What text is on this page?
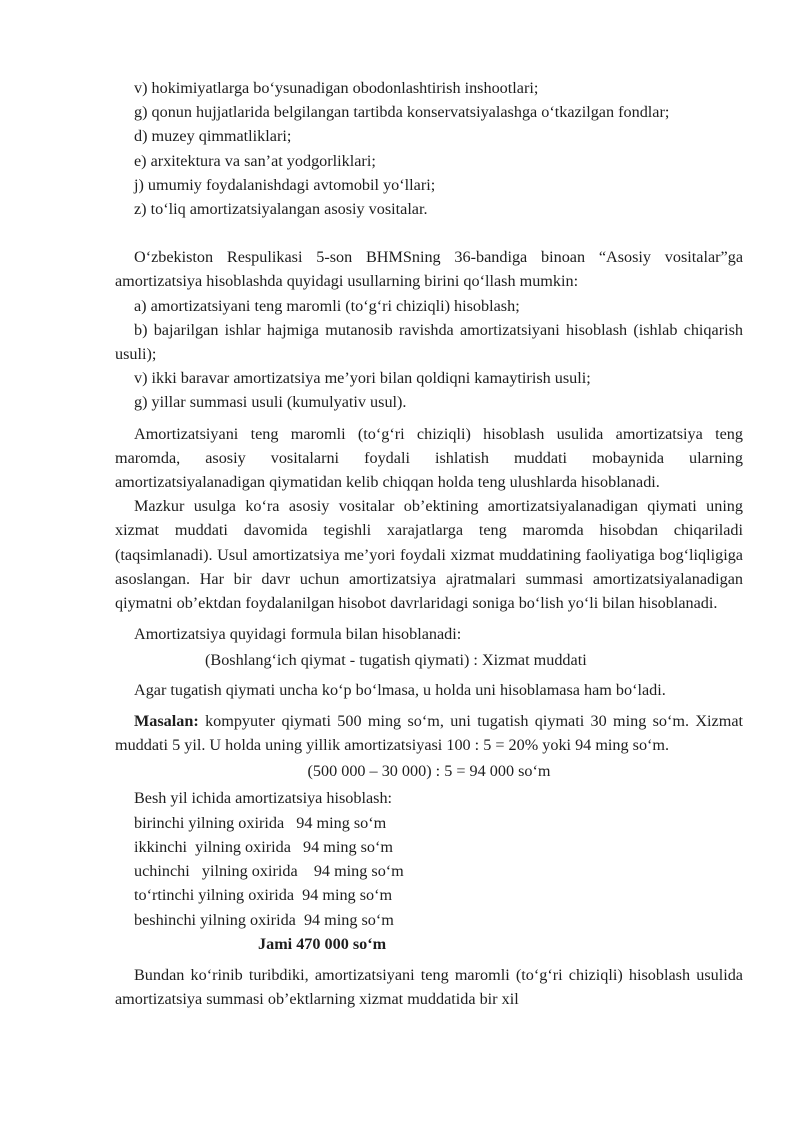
v) hokimiyatlarga bo‘ysunadigan obodonlashtirish inshootlari;

g) qonun hujjatlarida belgilangan tartibda konservatsiyalashga o‘tkazilgan fondlar;

d) muzey qimmatliklari;

e) arxitektura va san’at yodgorliklari;

j) umumiy foydalanishdagi avtomobil yo‘llari;

z) to‘liq amortizatsiyalangan asosiy vositalar.

O‘zbekiston Respulikasi 5-son BHMSning 36-bandiga binoan “Asosiy vositalar”ga amortizatsiya hisoblashda quyidagi usullarning birini qo‘llash mumkin:

a) amortizatsiyani teng maromli (to‘g‘ri chiziqli) hisoblash;

b) bajarilgan ishlar hajmiga mutanosib ravishda amortizatsiyani hisoblash (ishlab chiqarish usuli);

v) ikki baravar amortizatsiya me’yori bilan qoldiqni kamaytirish usuli;

g) yillar summasi usuli (kumulyativ usul).

Amortizatsiyani teng maromli (to‘g‘ri chiziqli) hisoblash usulida amortizatsiya teng maromda, asosiy vositalarni foydali ishlatish muddati mobaynida ularning amortizatsiyalanadigan qiymatidan kelib chiqqan holda teng ulushlarda hisoblanadi.

Mazkur usulga ko‘ra asosiy vositalar ob’ektining amortizatsiyalanadigan qiymati uning xizmat muddati davomida tegishli xarajatlarga teng maromda hisobdan chiqariladi (taqsimlanadi). Usul amortizatsiya me’yori foydali xizmat muddatining faoliyatiga bog‘liqligiga asoslangan. Har bir davr uchun amortizatsiya ajratmalari summasi amortizatsiyalanadigan qiymatni ob’ektdan foydalanilgan hisobot davrlaridagi soniga bo‘lish yo‘li bilan hisoblanadi.

Amortizatsiya quyidagi formula bilan hisoblanadi:

(Boshlang‘ich qiymat - tugatish qiymati) : Xizmat muddati

Agar tugatish qiymati uncha ko‘p bo‘lmasa, u holda uni hisoblamasa ham bo‘ladi.

Masalan: kompyuter qiymati 500 ming so‘m, uni tugatish qiymati 30 ming so‘m. Xizmat muddati 5 yil. U holda uning yillik amortizatsiyasi 100 : 5 = 20% yoki 94 ming so‘m.

(500 000 – 30 000) : 5 = 94 000 so‘m

Besh yil ichida amortizatsiya hisoblash:

birinchi yilning oxirida   94 ming so‘m

ikkinchi  yilning oxirida   94 ming so‘m

uchinchi   yilning oxirida    94 ming so‘m

to‘rtinchi yilning oxirida  94 ming so‘m

beshinchi yilning oxirida  94 ming so‘m

Jami 470 000 so‘m

Bundan ko‘rinib turibdiki, amortizatsiyani teng maromli (to‘g‘ri chiziqli) hisoblash usulida amortizatsiya summasi ob’ektlarning xizmat muddatida bir xil
